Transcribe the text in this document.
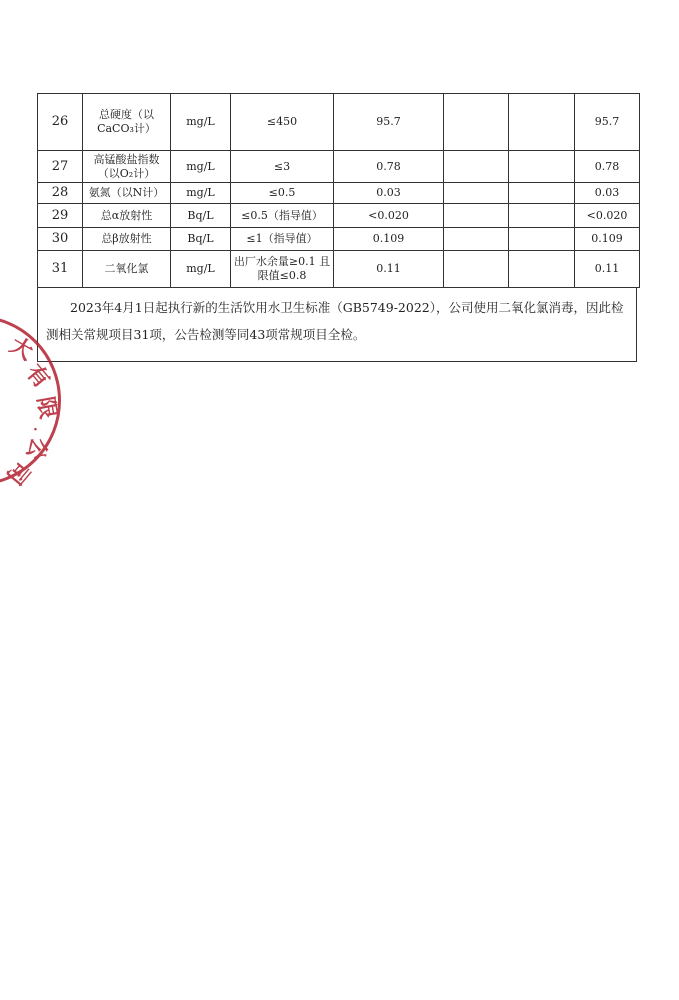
26	总硬度（以CaCO₃计）	mg/L	≤450	95.7			95.7
27	高锰酸盐指数（以O₂计）	mg/L	≤3	0.78			0.78
28	氨氮（以N计）	mg/L	≤0.5	0.03			0.03
29	总α放射性	Bq/L	≤0.5（指导值）	<0.020			<0.020
30	总β放射性	Bq/L	≤1（指导值）	0.109			0.109
31	二氧化氯	mg/L	出厂水余量≥0.1 且限值≤0.8	0.11			0.11
2023年4月1日起执行新的生活饮用水卫生标准（GB5749-2022），公司使用二氧化氯消毒，因此检测相关常规项目31项，公告检测等同43项常规项目全检。
大
有
限
·
公
司
